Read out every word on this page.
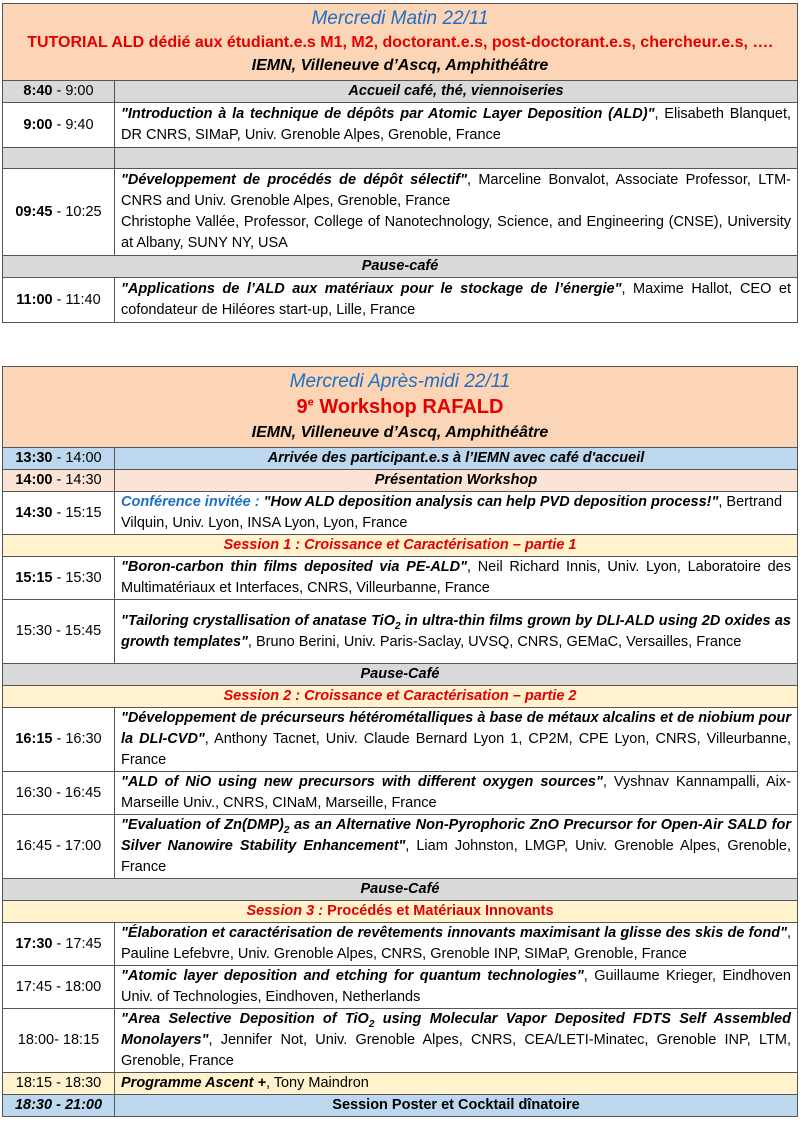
Mercredi Matin 22/11
TUTORIAL ALD dédié aux étudiant.e.s M1, M2, doctorant.e.s, post-doctorant.e.s, chercheur.e.s, ….
IEMN, Villeneuve d’Ascq, Amphithéâtre	

8:40 - 9:00	Accueil café, thé, viennoiseries
9:00 - 9:40	"Introduction à la technique de dépôts par Atomic Layer Deposition (ALD)", Elisabeth Blanquet, DR CNRS, SIMaP, Univ. Grenoble Alpes, Grenoble, France

09:45 - 10:25	"Développement de procédés de dépôt sélectif", Marceline Bonvalot, Associate Professor, LTM-CNRS and Univ. Grenoble Alpes, Grenoble, France
Christophe Vallée, Professor, College of Nanotechnology, Science, and Engineering (CNSE), University at Albany, SUNY NY, USA
Pause-café	
11:00 - 11:40	"Applications de l’ALD aux matériaux pour le stockage de l’énergie", Maxime Hallot, CEO et cofondateur de Hiléores start-up, Lille, France
Mercredi Après-midi 22/11
9e Workshop RAFALD
IEMN, Villeneuve d’Ascq, Amphithéâtre	

13:30 - 14:00	Arrivée des participant.e.s à l’IEMN avec café d'accueil
14:00 - 14:30	Présentation Workshop
14:30 - 15:15	Conférence invitée : "How ALD deposition analysis can help PVD deposition process!", Bertrand Vilquin, Univ. Lyon, INSA Lyon, Lyon, France
Session 1 : Croissance et Caractérisation – partie 1	
15:15 - 15:30	"Boron-carbon thin films deposited via PE-ALD", Neil Richard Innis, Univ. Lyon, Laboratoire des Multimatériaux et Interfaces, CNRS, Villeurbanne, France
15:30 - 15:45	"Tailoring crystallisation of anatase TiO$_2$ in ultra-thin films grown by DLI-ALD using 2D oxides as growth templates", Bruno Berini, Univ. Paris-Saclay, UVSQ, CNRS, GEMaC, Versailles, France
Pause-Café	
Session 2 : Croissance et Caractérisation – partie 2	
16:15 - 16:30	"Développement de précurseurs hétérométalliques à base de métaux alcalins et de niobium pour la DLI-CVD", Anthony Tacnet, Univ. Claude Bernard Lyon 1, CP2M, CPE Lyon, CNRS, Villeurbanne, France
16:30 - 16:45	"ALD of NiO using new precursors with different oxygen sources", Vyshnav Kannampalli, Aix-Marseille Univ., CNRS, CINaM, Marseille, France
16:45 - 17:00	"Evaluation of $Zn(DMP)_2$ as an Alternative Non-Pyrophoric ZnO Precursor for Open-Air SALD for Silver Nanowire Stability Enhancement", Liam Johnston, LMGP, Univ. Grenoble Alpes, Grenoble, France
Pause-Café	
Session 3 : Procédés et Matériaux Innovants	
17:30 - 17:45	"Élaboration et caractérisation de revêtements innovants maximisant la glisse des skis de fond", Pauline Lefebvre, Univ. Grenoble Alpes, CNRS, Grenoble INP, SIMaP, Grenoble, France
17:45 - 18:00	"Atomic layer deposition and etching for quantum technologies", Guillaume Krieger, Eindhoven Univ. of Technologies, Eindhoven, Netherlands
18:00- 18:15	"Area Selective Deposition of TiO$_2$ using Molecular Vapor Deposited FDTS Self Assembled Monolayers", Jennifer Not, Univ. Grenoble Alpes, CNRS, CEA/LETI-Minatec, Grenoble INP, LTM, Grenoble, France
18:15 - 18:30	Programme Ascent +, Tony Maindron
18:30 - 21:00	Session Poster et Cocktail dînatoire
